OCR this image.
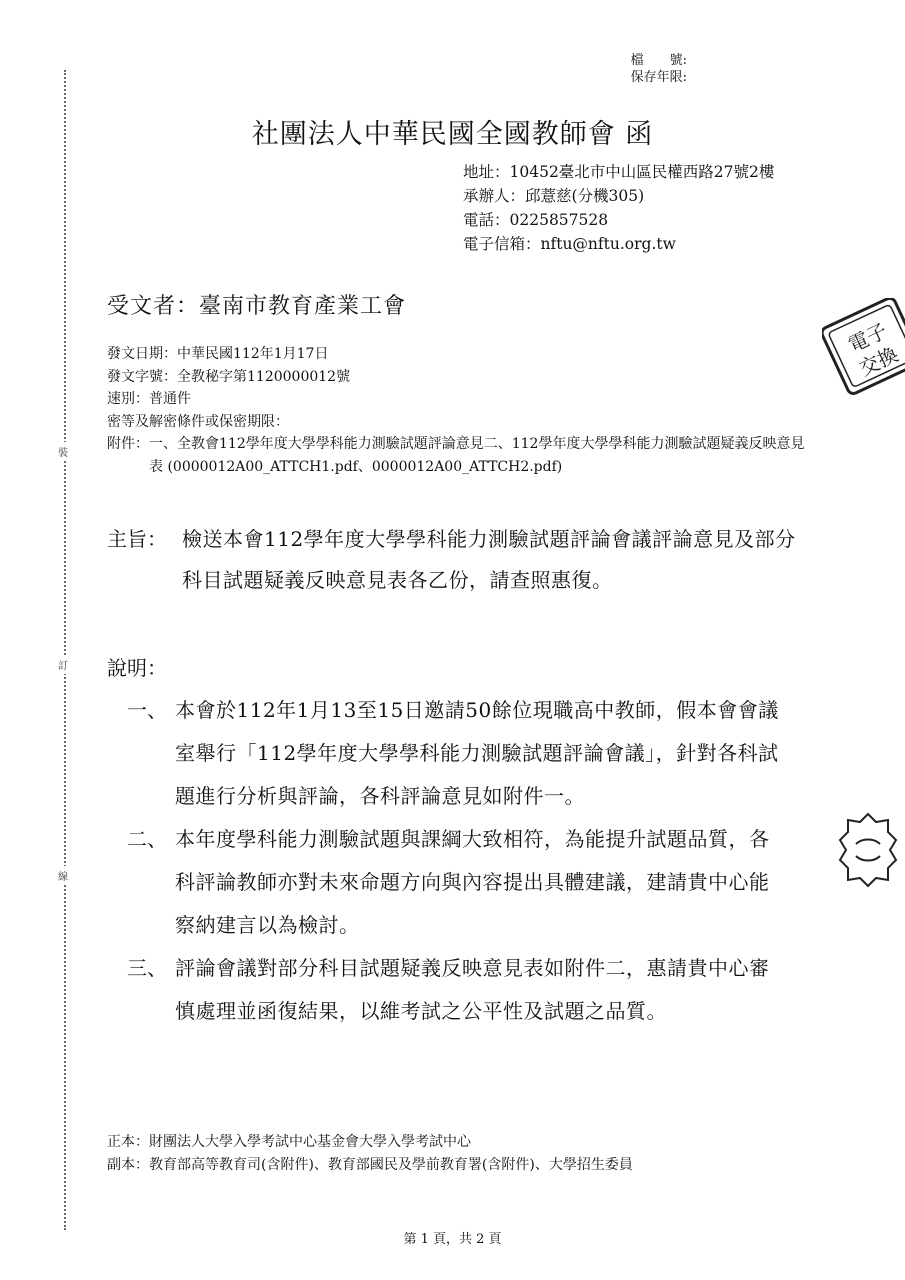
裝
訂
線
檔　　號:
保存年限:
社團法人中華民國全國教師會 函
地址：10452臺北市中山區民權西路27號2樓
承辦人：邱薏慈(分機305)
電話：0225857528
電子信箱：nftu@nftu.org.tw
受文者：臺南市教育產業工會
發文日期：中華民國112年1月17日
發文字號：全教秘字第1120000012號
速別：普通件
密等及解密條件或保密期限：
附件： 一、全教會112學年度大學學科能力測驗試題評論意見二、112學年度大學學科能力測驗試題疑義反映意見表 (0000012A00_ATTCH1.pdf、0000012A00_ATTCH2.pdf)
主旨： 檢送本會112學年度大學學科能力測驗試題評論會議評論意見及部分科目試題疑義反映意見表各乙份，請查照惠復。
說明：
一、 本會於112年1月13至15日邀請50餘位現職高中教師，假本會會議室舉行「112學年度大學學科能力測驗試題評論會議」，針對各科試題進行分析與評論，各科評論意見如附件一。
二、 本年度學科能力測驗試題與課綱大致相符，為能提升試題品質，各科評論教師亦對未來命題方向與內容提出具體建議，建請貴中心能察納建言以為檢討。
三、 評論會議對部分科目試題疑義反映意見表如附件二，惠請貴中心審慎處理並函復結果，以維考試之公平性及試題之品質。
正本：財團法人大學入學考試中心基金會大學入學考試中心
副本：教育部高等教育司(含附件)、教育部國民及學前教育署(含附件)、大學招生委員
電子
交換
第 1 頁，共 2 頁
